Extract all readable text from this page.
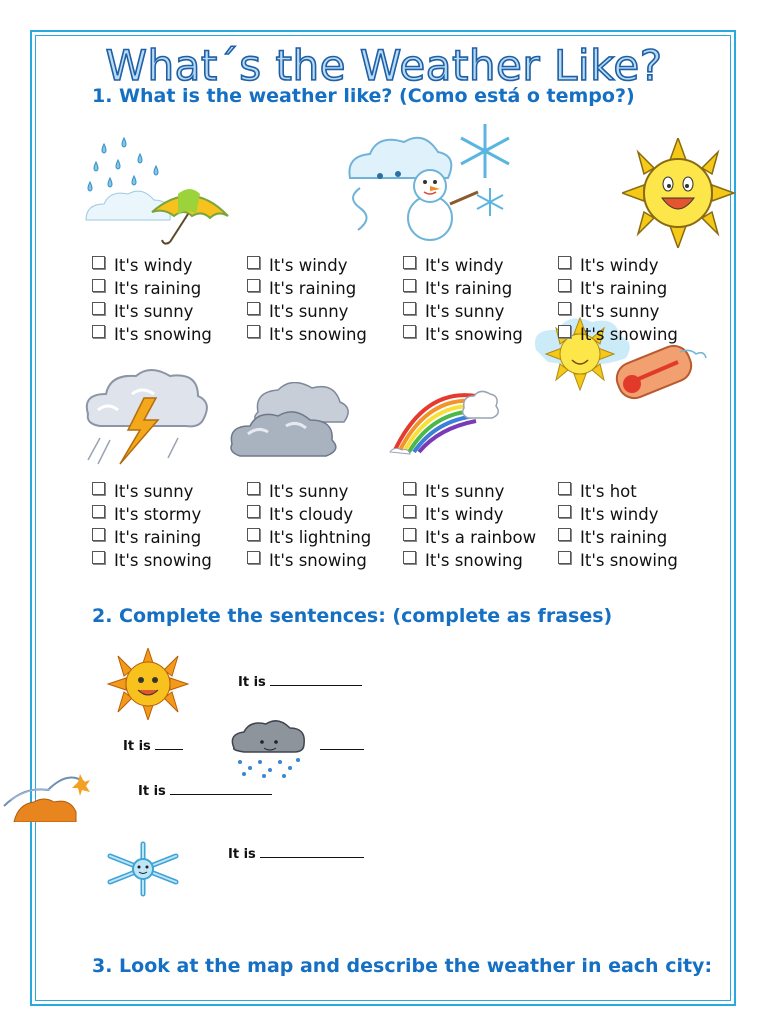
What´s the Weather Like?
1. What is the weather like? (Como está o tempo?)
It's windy
It's raining
It's sunny
It's snowing
It's windy
It's raining
It's sunny
It's snowing
It's windy
It's raining
It's sunny
It's snowing
It's windy
It's raining
It's sunny
It's snowing
It's sunny
It's stormy
It's raining
It's snowing
It's sunny
It's cloudy
It's lightning
It's snowing
It's sunny
It's windy
It's a rainbow
It's snowing
It's hot
It's windy
It's raining
It's snowing
2. Complete the sentences: (complete as frases)
It is
It is
It is
It is
3. Look at the map and describe the weather in each city:
